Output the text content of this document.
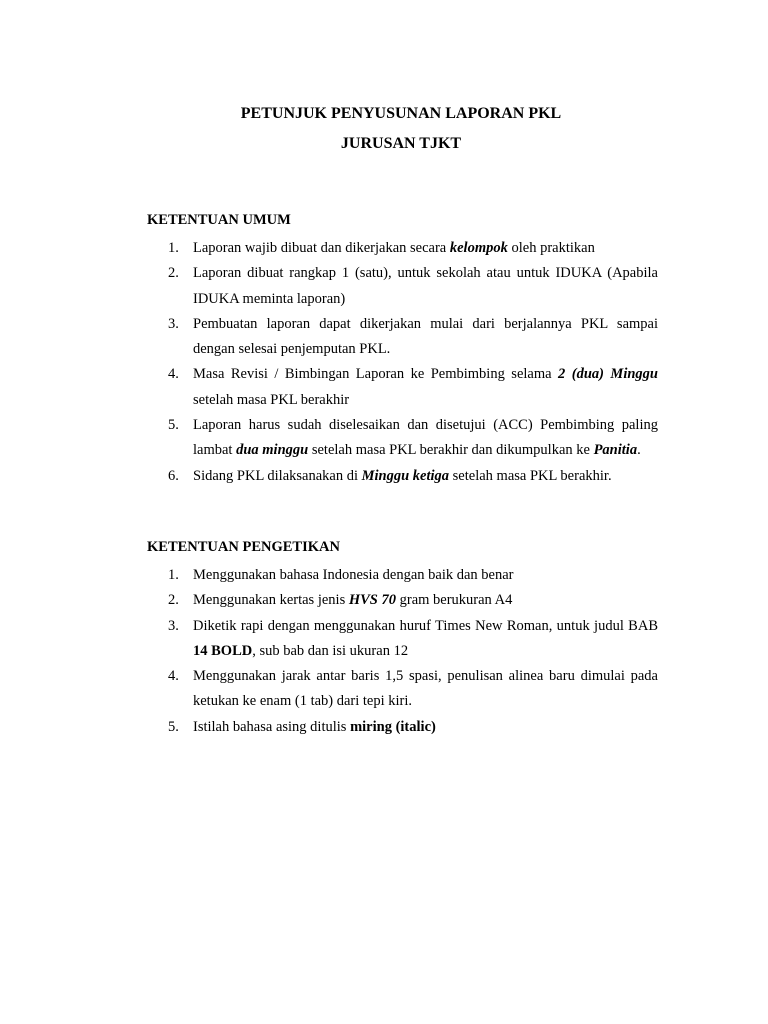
PETUNJUK PENYUSUNAN LAPORAN PKL
JURUSAN TJKT

KETENTUAN UMUM

1. Laporan wajib dibuat dan dikerjakan secara kelompok oleh praktikan
2. Laporan dibuat rangkap 1 (satu), untuk sekolah atau untuk IDUKA (Apabila IDUKA meminta laporan)
3. Pembuatan laporan dapat dikerjakan mulai dari berjalannya PKL sampai dengan selesai penjemputan PKL.
4. Masa Revisi / Bimbingan Laporan ke Pembimbing selama 2 (dua) Minggu setelah masa PKL berakhir
5. Laporan harus sudah diselesaikan dan disetujui (ACC) Pembimbing paling lambat dua minggu setelah masa PKL berakhir dan dikumpulkan ke Panitia.
6. Sidang PKL dilaksanakan di Minggu ketiga setelah masa PKL berakhir.

KETENTUAN PENGETIKAN

1. Menggunakan bahasa Indonesia dengan baik dan benar
2. Menggunakan kertas jenis HVS 70 gram berukuran A4
3. Diketik rapi dengan menggunakan huruf Times New Roman, untuk judul BAB 14 BOLD, sub bab dan isi ukuran 12
4. Menggunakan jarak antar baris 1,5 spasi, penulisan alinea baru dimulai pada ketukan ke enam (1 tab) dari tepi kiri.
5. Istilah bahasa asing ditulis miring (italic)
